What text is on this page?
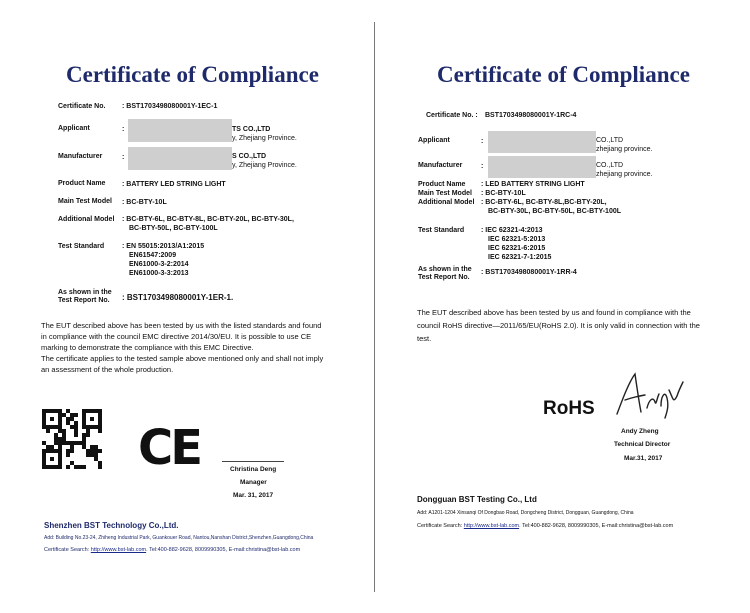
Certificate of Compliance
Certificate No. : BST1703498080001Y-1EC-1
Applicant	:	TS CO.,LTD
y, Zhejiang Province.
Manufacturer	:	S CO.,LTD
y, Zhejiang Province.
Product Name : BATTERY LED STRING LIGHT
Main Test Model : BC-BTY-10L
Additional Model : BC-BTY-6L, BC-BTY-8L, BC-BTY-20L, BC-BTY-30L,
BC-BTY-50L, BC-BTY-100L
Test Standard	: EN 55015:2013/A1:2015
EN61547:2009
EN61000-3-2:2014
EN61000-3-3:2013
As shown in the
Test Report No. : BST1703498080001Y-1ER-1.
The EUT described above has been tested by us with the listed standards and found
in compliance with the council EMC directive 2014/30/EU. It is possible to use CE
marking to demonstrate the compliance with this EMC Directive.
The certificate applies to the tested sample above mentioned only and shall not imply
an assessment of the whole production.
CE	Christina Deng
Manager
Mar. 31, 2017
Shenzhen BST Technology Co.,Ltd.
Add: Building No.23-24, Zhiheng Industrial Park, Guankouer Road, Nantou,Nanshan District,Shenzhen,Guangdong,China
Certificate Search: http://www.bst-lab.com. Tel:400-882-9628, 8009990305, E-mail:christina@bst-lab.com
Certificate of Compliance
Certificate No. : BST1703498080001Y-1RC-4
Applicant	:	CO.,LTD
zhejiang province.
Manufacturer	:	CO.,LTD
zhejiang province.
Product Name : LED BATTERY STRING LIGHT
Main Test Model : BC-BTY-10L
Additional Model : BC-BTY-6L, BC-BTY-8L,BC-BTY-20L,
BC-BTY-30L, BC-BTY-50L, BC-BTY-100L
Test Standard : IEC 62321-4:2013
IEC 62321-5:2013
IEC 62321-6:2015
IEC 62321-7-1:2015
As shown in the
Test Report No.
: BST1703498080001Y-1RR-4
The EUT described above has been tested by us and found in compliance with the
council RoHS directive—2011/65/EU(RoHS 2.0). It is only valid in connection with the
test.
RoHS
Andy Zheng
Technical Director
Mar.31, 2017
Dongguan BST Testing Co., Ltd
Add: A1201-1204 Xinsanqi Of Dongbao Road, Dongcheng District, Dongguan, Guangdong, China
Certificate Search: http://www.bst-lab.com. Tel:400-882-9628, 8009990305, E-mail:christina@bst-lab.com
